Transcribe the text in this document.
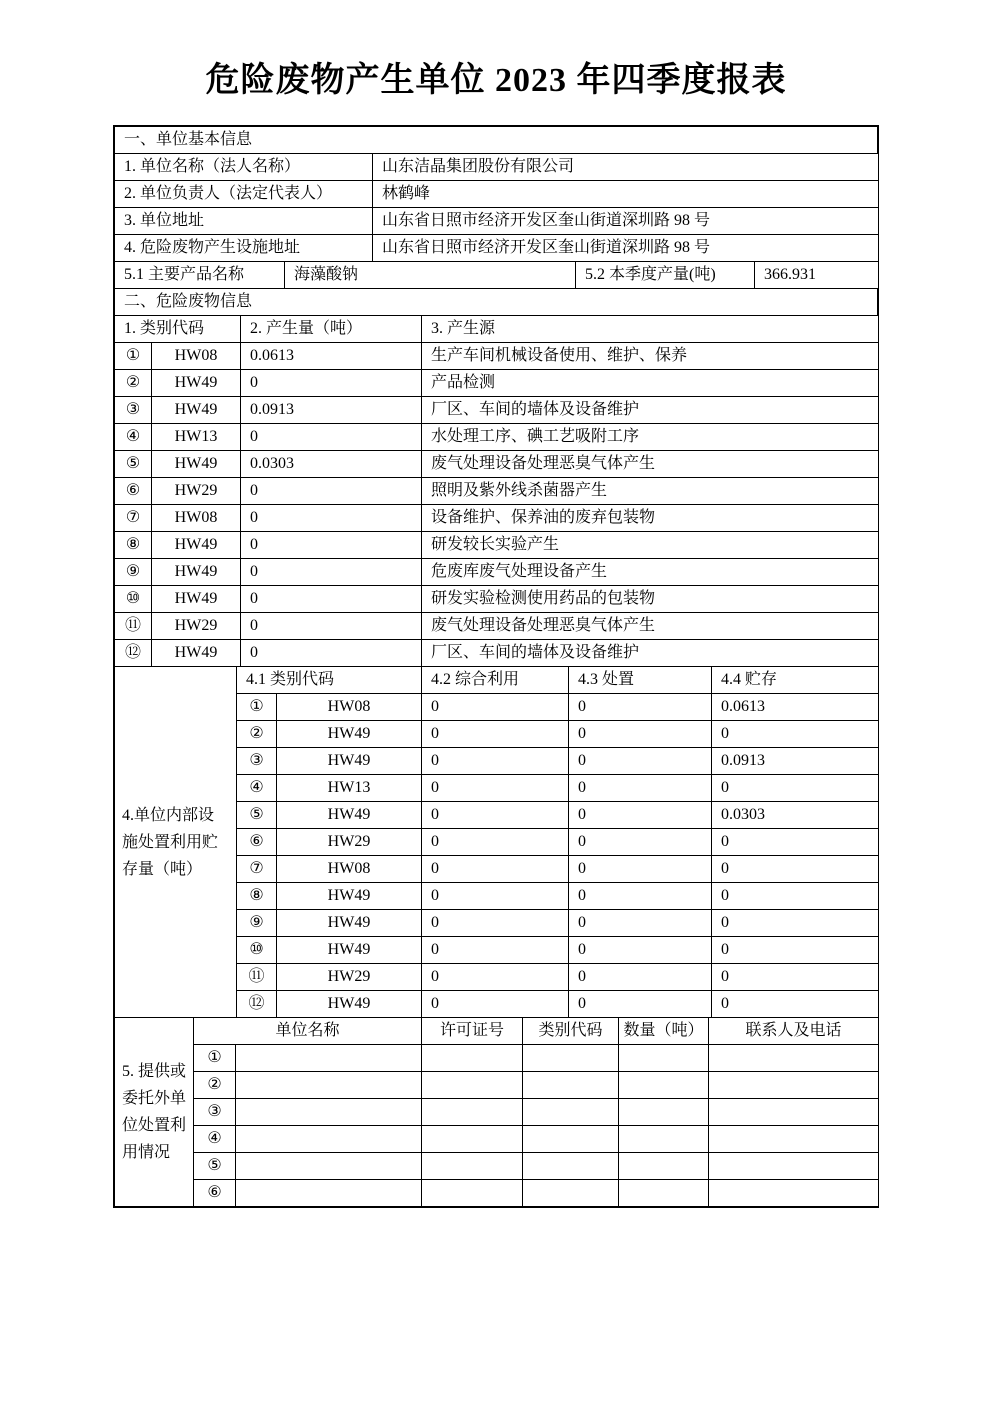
危险废物产生单位 2023 年四季度报表
一、单位基本信息
1. 单位名称（法人名称）	山东洁晶集团股份有限公司
2. 单位负责人（法定代表人）	林鹤峰
3. 单位地址	山东省日照市经济开发区奎山街道深圳路 98 号
4. 危险废物产生设施地址	山东省日照市经济开发区奎山街道深圳路 98 号
5.1 主要产品名称	海藻酸钠	5.2 本季度产量(吨)	366.931
二、危险废物信息
1. 类别代码		2. 产生量（吨）	3. 产生源
①	HW08	0.0613	生产车间机械设备使用、维护、保养
②	HW49	0	产品检测
③	HW49	0.0913	厂区、车间的墙体及设备维护
④	HW13	0	水处理工序、碘工艺吸附工序
⑤	HW49	0.0303	废气处理设备处理恶臭气体产生
⑥	HW29	0	照明及紫外线杀菌器产生
⑦	HW08	0	设备维护、保养油的废弃包装物
⑧	HW49	0	研发较长实验产生
⑨	HW49	0	危废库废气处理设备产生
⑩	HW49	0	研发实验检测使用药品的包装物
⑪	HW29	0	废气处理设备处理恶臭气体产生
⑫	HW49	0	厂区、车间的墙体及设备维护
4.单位内部设施处置利用贮存量（吨）	4.1 类别代码		4.2 综合利用	4.3 处置	4.4 贮存
	①	HW08	0	0	0.0613
	②	HW49	0	0	0
	③	HW49	0	0	0.0913
	④	HW13	0	0	0
	⑤	HW49	0	0	0.0303
	⑥	HW29	0	0	0
	⑦	HW08	0	0	0
	⑧	HW49	0	0	0
	⑨	HW49	0	0	0
	⑩	HW49	0	0	0
	⑪	HW29	0	0	0
	⑫	HW49	0	0	0
5. 提供或委托外单位处置利用情况	单位名称		许可证号	类别代码	数量（吨）	联系人及电话
	①					
	②					
	③					
	④					
	⑤					
	⑥					
